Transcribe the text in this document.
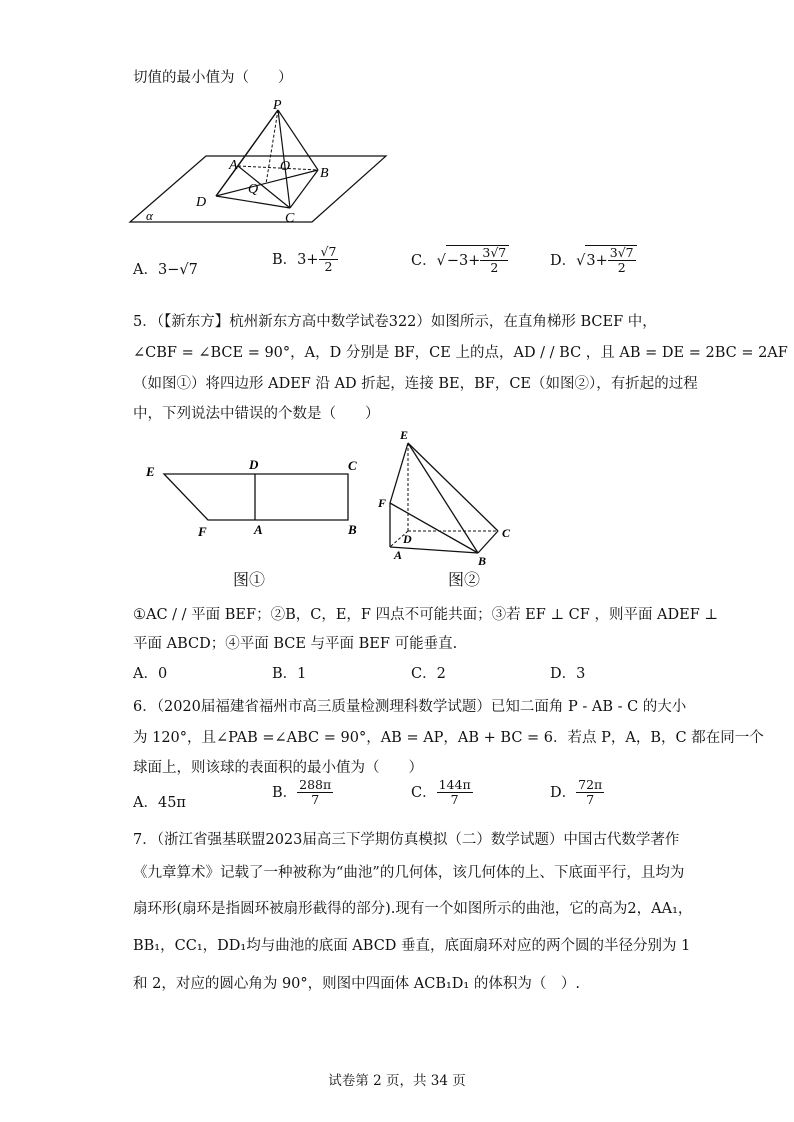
切值的最小值为（　　）
P
A	O B
Q
D
C
α
A．3−√7
B．$3+ \frac{√7}{2}$	C．$√-3+ \frac{3√7}{2}$	D．$√3+ \frac{3√7}{2}$
5．（【新东方】杭州新东方高中数学试卷322）如图所示，在直角梯形 BCEF 中，
∠CBF = ∠BCE = 90°，A，D 分别是 BF，CE 上的点，AD / / BC ，且 AB = DE = 2BC = 2AF
（如图①）将四边形 ADEF 沿 AD 折起，连接 BE，BF，CE（如图②），有折起的过程
中，下列说法中错误的个数是（　　）
E	D	C
F	A	B
图①
E
F
D	C
A	B
图②
①AC / / 平面 BEF；②B，C，E，F 四点不可能共面；③若 EF ⊥ CF ，则平面 ADEF ⊥
平面 ABCD；④平面 BCE 与平面 BEF 可能垂直.
A．0	B．1	C．2	D．3
6．（2020届福建省福州市高三质量检测理科数学试题）已知二面角 P - AB - C 的大小
为 120°，且∠PAB =∠ABC = 90°，AB = AP，AB + BC = 6．若点 P，A，B，C 都在同一个
球面上，则该球的表面积的最小值为（　　）
A．45π
B． $\frac{288\pi}{7}$	C． $\frac{144\pi}{7}$	D． $\frac{72\pi}{7}$
7．（浙江省强基联盟2023届高三下学期仿真模拟（二）数学试题）中国古代数学著作
《九章算术》记载了一种被称为“曲池”的几何体，该几何体的上、下底面平行，且均为
扇环形(扇环是指圆环被扇形截得的部分).现有一个如图所示的曲池，它的高为2，AA₁，
BB₁，CC₁，DD₁均与曲池的底面 ABCD 垂直，底面扇环对应的两个圆的半径分别为 1
和 2，对应的圆心角为 90°，则图中四面体 ACB₁D₁ 的体积为（　）.
试卷第 2 页，共 34 页
